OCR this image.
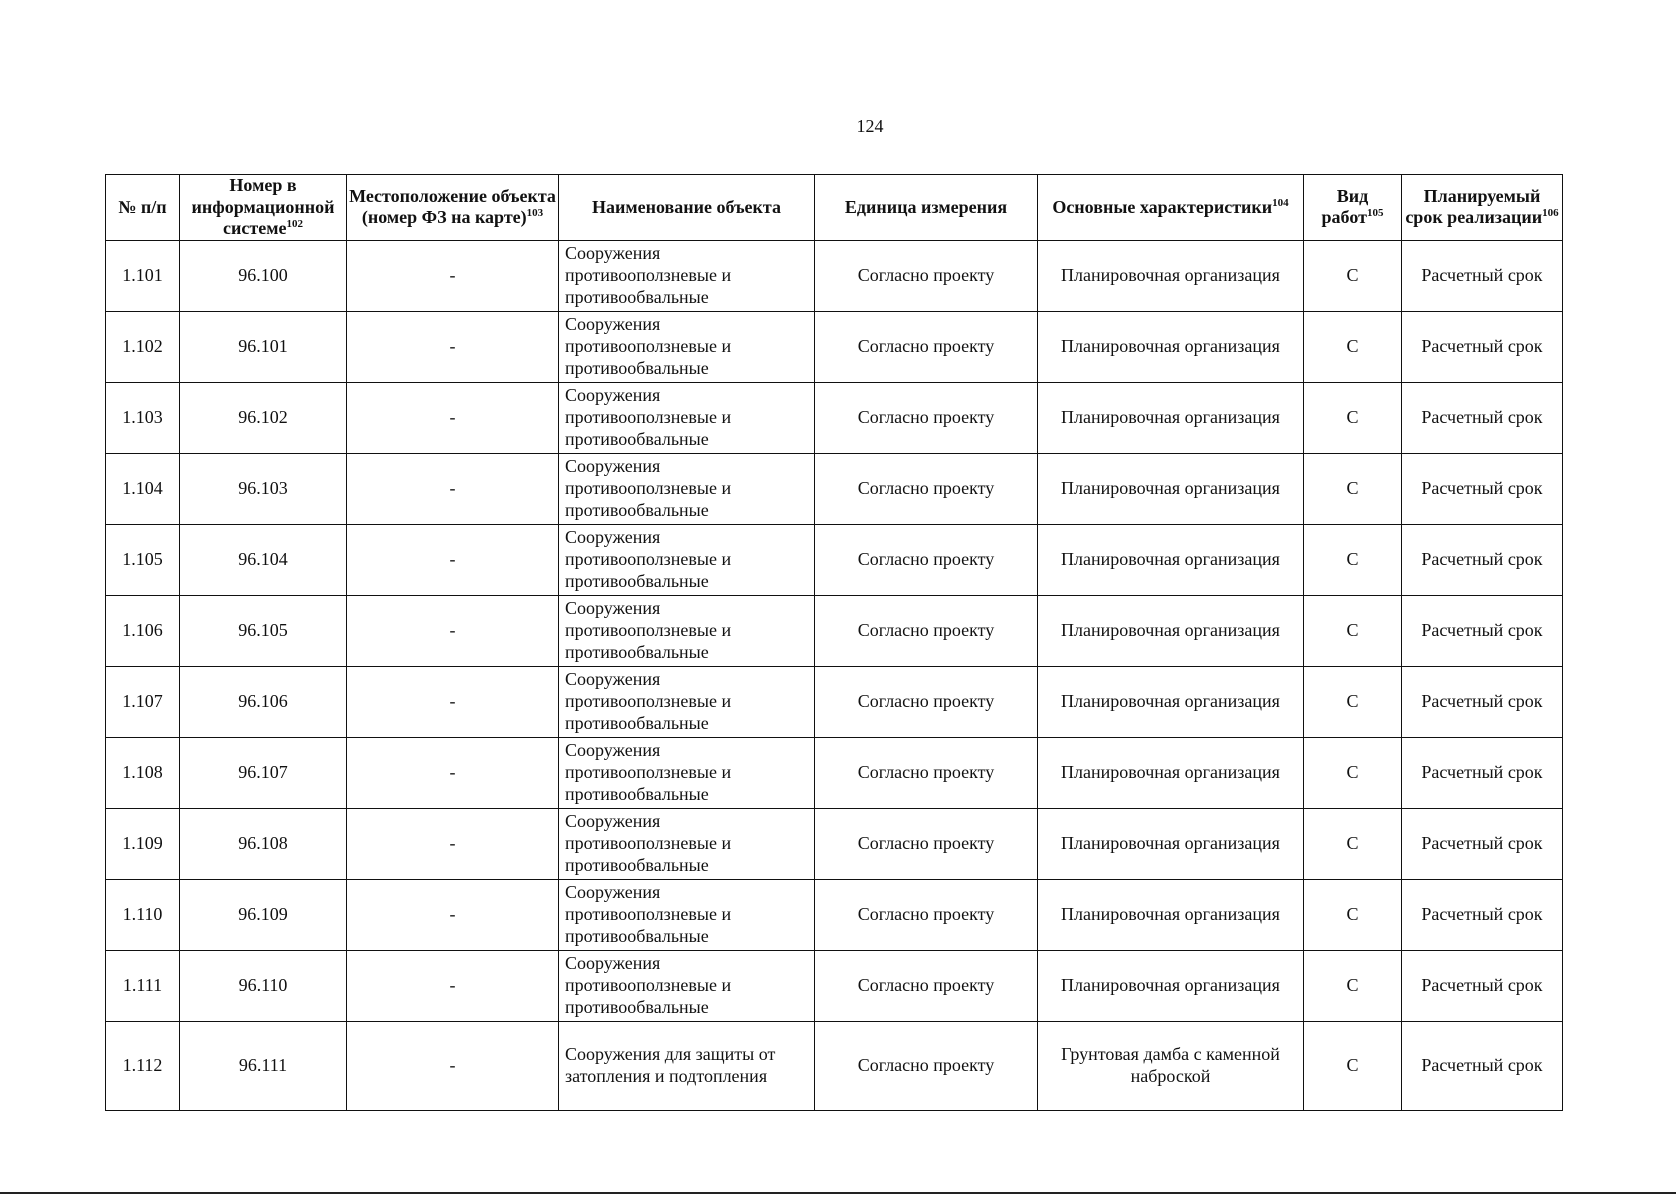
124
№ п/п	Номер в информационной системе$^{102}$	Местоположение объекта (номер ФЗ на карте)$^{103}$	Наименование объекта	Единица измерения	Основные характеристики$^{104}$	Вид работ$^{105}$	Планируемый срок реализации$^{106}$
1.101	96.100	-	Сооружения противооползневые и противообвальные	Согласно проекту	Планировочная организация	С	Расчетный срок
1.102	96.101	-	Сооружения противооползневые и противообвальные	Согласно проекту	Планировочная организация	С	Расчетный срок
1.103	96.102	-	Сооружения противооползневые и противообвальные	Согласно проекту	Планировочная организация	С	Расчетный срок
1.104	96.103	-	Сооружения противооползневые и противообвальные	Согласно проекту	Планировочная организация	С	Расчетный срок
1.105	96.104	-	Сооружения противооползневые и противообвальные	Согласно проекту	Планировочная организация	С	Расчетный срок
1.106	96.105	-	Сооружения противооползневые и противообвальные	Согласно проекту	Планировочная организация	С	Расчетный срок
1.107	96.106	-	Сооружения противооползневые и противообвальные	Согласно проекту	Планировочная организация	С	Расчетный срок
1.108	96.107	-	Сооружения противооползневые и противообвальные	Согласно проекту	Планировочная организация	С	Расчетный срок
1.109	96.108	-	Сооружения противооползневые и противообвальные	Согласно проекту	Планировочная организация	С	Расчетный срок
1.110	96.109	-	Сооружения противооползневые и противообвальные	Согласно проекту	Планировочная организация	С	Расчетный срок
1.111	96.110	-	Сооружения противооползневые и противообвальные	Согласно проекту	Планировочная организация	С	Расчетный срок
1.112	96.111	-	Сооружения для защиты от затопления и подтопления	Согласно проекту	Грунтовая дамба с каменной наброской	С	Расчетный срок
